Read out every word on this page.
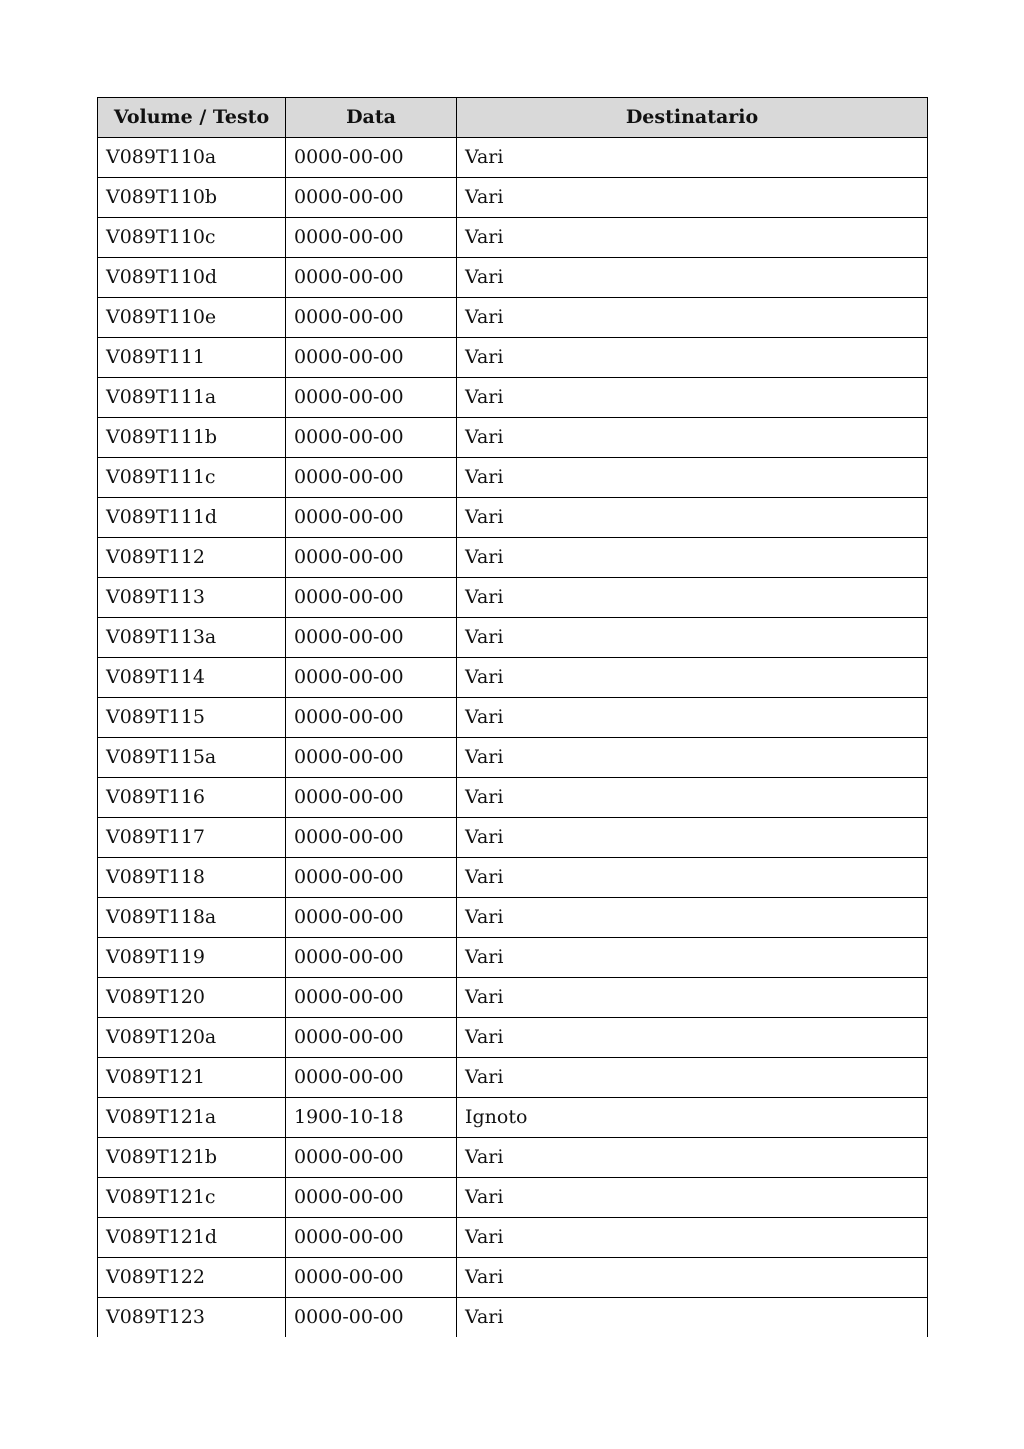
Volume / Testo	Data	Destinatario
V089T110a	0000-00-00	Vari
V089T110b	0000-00-00	Vari
V089T110c	0000-00-00	Vari
V089T110d	0000-00-00	Vari
V089T110e	0000-00-00	Vari
V089T111	0000-00-00	Vari
V089T111a	0000-00-00	Vari
V089T111b	0000-00-00	Vari
V089T111c	0000-00-00	Vari
V089T111d	0000-00-00	Vari
V089T112	0000-00-00	Vari
V089T113	0000-00-00	Vari
V089T113a	0000-00-00	Vari
V089T114	0000-00-00	Vari
V089T115	0000-00-00	Vari
V089T115a	0000-00-00	Vari
V089T116	0000-00-00	Vari
V089T117	0000-00-00	Vari
V089T118	0000-00-00	Vari
V089T118a	0000-00-00	Vari
V089T119	0000-00-00	Vari
V089T120	0000-00-00	Vari
V089T120a	0000-00-00	Vari
V089T121	0000-00-00	Vari
V089T121a	1900-10-18	Ignoto
V089T121b	0000-00-00	Vari
V089T121c	0000-00-00	Vari
V089T121d	0000-00-00	Vari
V089T122	0000-00-00	Vari
V089T123	0000-00-00	Vari
